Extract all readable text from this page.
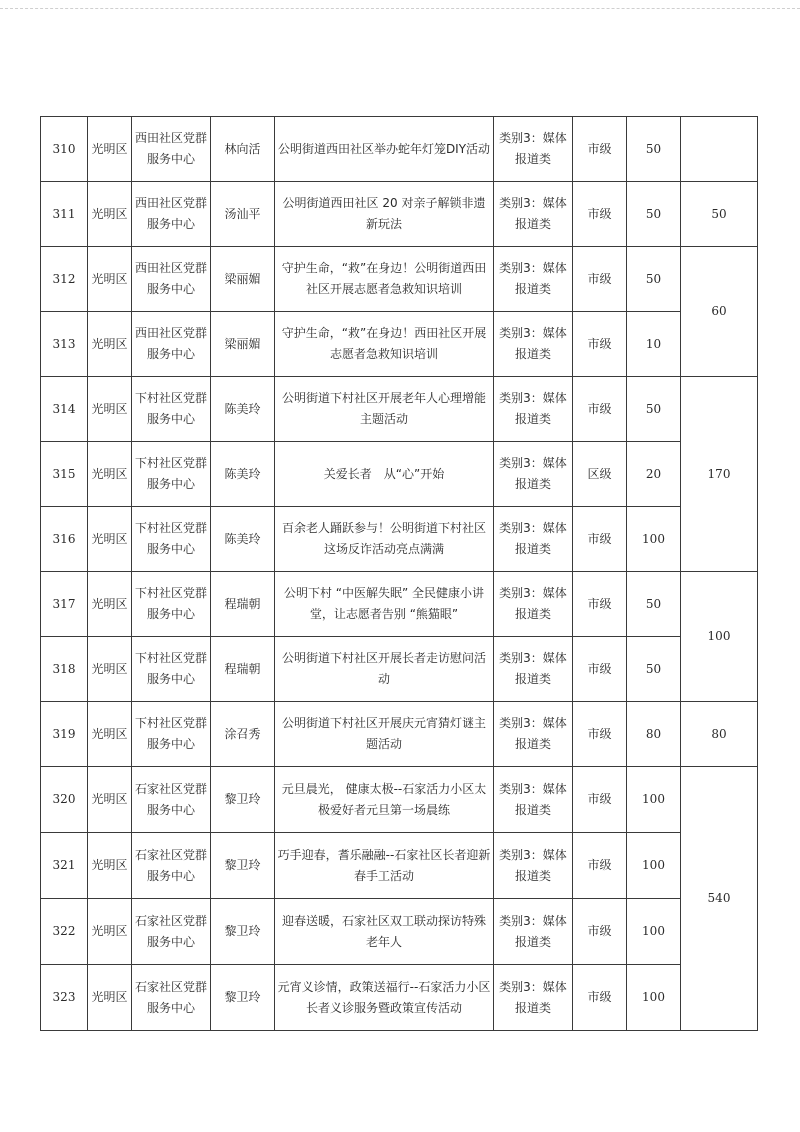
310	光明区	西田社区党群服务中心	林向活	公明街道西田社区举办蛇年灯笼DIY活动	类别3：媒体报道类	市级	50	
311	光明区	西田社区党群服务中心	汤汕平	公明街道西田社区 20 对亲子解锁非遗新玩法	类别3：媒体报道类	市级	50	50
312	光明区	西田社区党群服务中心	梁丽媚	守护生命，“救”在身边！公明街道西田社区开展志愿者急救知识培训	类别3：媒体报道类	市级	50	60
313	光明区	西田社区党群服务中心	梁丽媚	守护生命，“救”在身边！西田社区开展志愿者急救知识培训	类别3：媒体报道类	市级	10	
314	光明区	下村社区党群服务中心	陈美玲	公明街道下村社区开展老年人心理增能主题活动	类别3：媒体报道类	市级	50	170
315	光明区	下村社区党群服务中心	陈美玲	关爱长者　从“心”开始	类别3：媒体报道类	区级	20	
316	光明区	下村社区党群服务中心	陈美玲	百余老人踊跃参与！公明街道下村社区这场反诈活动亮点满满	类别3：媒体报道类	市级	100	
317	光明区	下村社区党群服务中心	程瑞朝	公明下村 “中医解失眠” 全民健康小讲堂，让志愿者告别 “熊猫眼”	类别3：媒体报道类	市级	50	100
318	光明区	下村社区党群服务中心	程瑞朝	公明街道下村社区开展长者走访慰问活动	类别3：媒体报道类	市级	50	
319	光明区	下村社区党群服务中心	涂召秀	公明街道下村社区开展庆元宵猜灯谜主题活动	类别3：媒体报道类	市级	80	80
320	光明区	石家社区党群服务中心	黎卫玲	元旦晨光， 健康太极--石家活力小区太极爱好者元旦第一场晨练	类别3：媒体报道类	市级	100	540
321	光明区	石家社区党群服务中心	黎卫玲	巧手迎春，耆乐融融--石家社区长者迎新春手工活动	类别3：媒体报道类	市级	100	
322	光明区	石家社区党群服务中心	黎卫玲	迎春送暖，石家社区双工联动探访特殊老年人	类别3：媒体报道类	市级	100	
323	光明区	石家社区党群服务中心	黎卫玲	元宵义诊情，政策送福行--石家活力小区长者义诊服务暨政策宣传活动	类别3：媒体报道类	市级	100	
